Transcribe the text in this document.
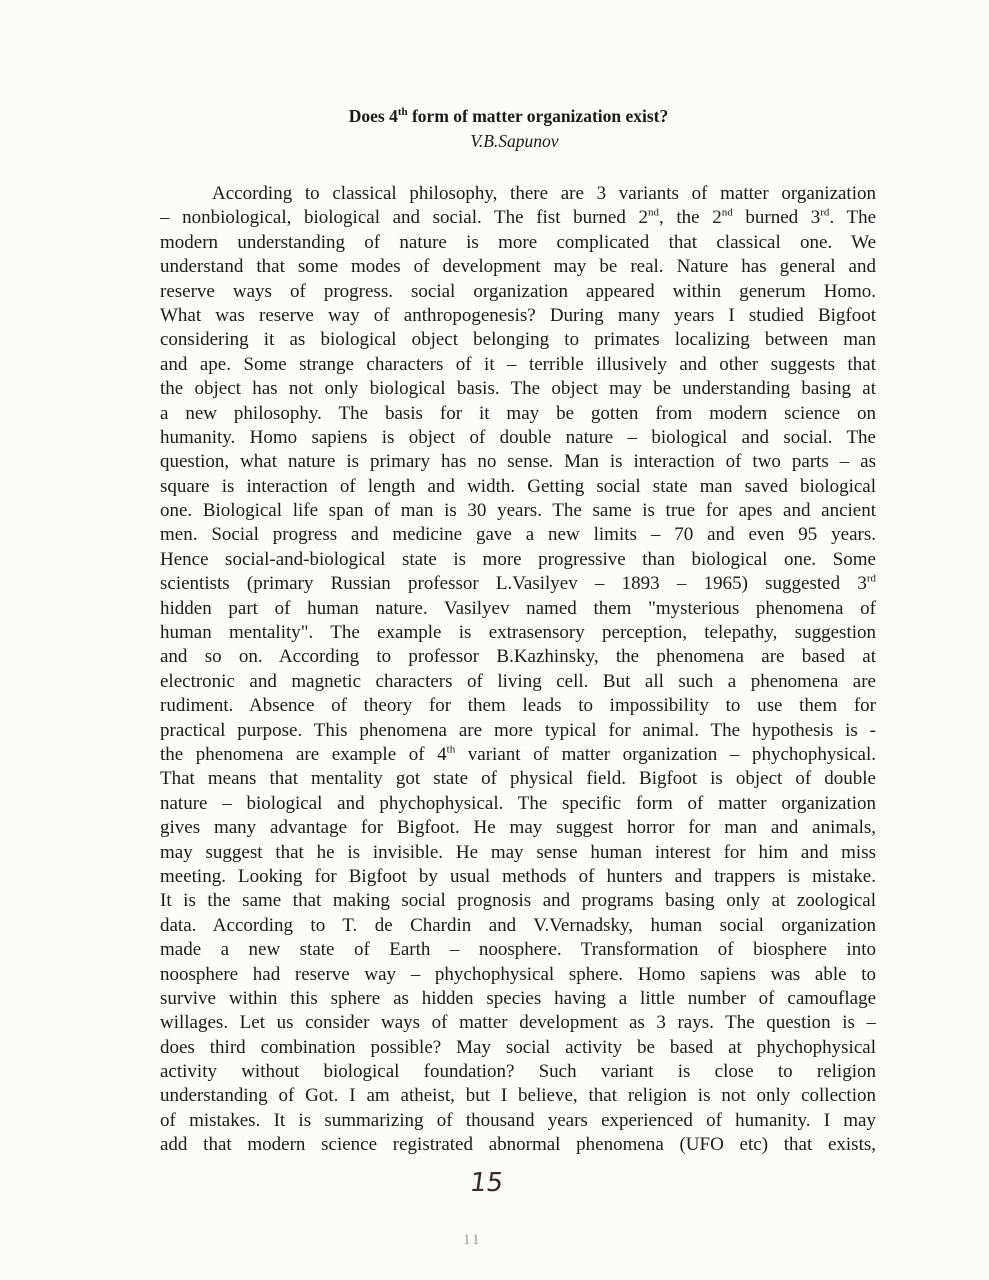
Does 4th form of matter organization exist?
V.B.Sapunov
According to classical philosophy, there are 3 variants of matter organization
– nonbiological, biological and social. The fist burned 2nd, the 2nd burned 3rd. The
modern understanding of nature is more complicated that classical one. We
understand that some modes of development may be real. Nature has general and
reserve ways of progress. social organization appeared within generum Homo.
What was reserve way of anthropogenesis? During many years I studied Bigfoot
considering it as biological object belonging to primates localizing between man
and ape. Some strange characters of it – terrible illusively and other suggests that
the object has not only biological basis. The object may be understanding basing at
a new philosophy. The basis for it may be gotten from modern science on
humanity. Homo sapiens is object of double nature – biological and social. The
question, what nature is primary has no sense. Man is interaction of two parts – as
square is interaction of length and width. Getting social state man saved biological
one. Biological life span of man is 30 years. The same is true for apes and ancient
men. Social progress and medicine gave a new limits – 70 and even 95 years.
Hence social-and-biological state is more progressive than biological one. Some
scientists (primary Russian professor L.Vasilyev – 1893 – 1965) suggested 3rd
hidden part of human nature. Vasilyev named them "mysterious phenomena of
human mentality". The example is extrasensory perception, telepathy, suggestion
and so on. According to professor B.Kazhinsky, the phenomena are based at
electronic and magnetic characters of living cell. But all such a phenomena are
rudiment. Absence of theory for them leads to impossibility to use them for
practical purpose. This phenomena are more typical for animal. The hypothesis is -
the phenomena are example of 4th variant of matter organization – phychophysical.
That means that mentality got state of physical field. Bigfoot is object of double
nature – biological and phychophysical. The specific form of matter organization
gives many advantage for Bigfoot. He may suggest horror for man and animals,
may suggest that he is invisible. He may sense human interest for him and miss
meeting. Looking for Bigfoot by usual methods of hunters and trappers is mistake.
It is the same that making social prognosis and programs basing only at zoological
data. According to T. de Chardin and V.Vernadsky, human social organization
made a new state of Earth – noosphere. Transformation of biosphere into
noosphere had reserve way – phychophysical sphere. Homo sapiens was able to
survive within this sphere as hidden species having a little number of camouflage
willages. Let us consider ways of matter development as 3 rays. The question is –
does third combination possible? May social activity be based at phychophysical
activity without biological foundation? Such variant is close to religion
understanding of Got. I am atheist, but I believe, that religion is not only collection
of mistakes. It is summarizing of thousand years experienced of humanity. I may
add that modern science registrated abnormal phenomena (UFO etc) that exists,
15
11
